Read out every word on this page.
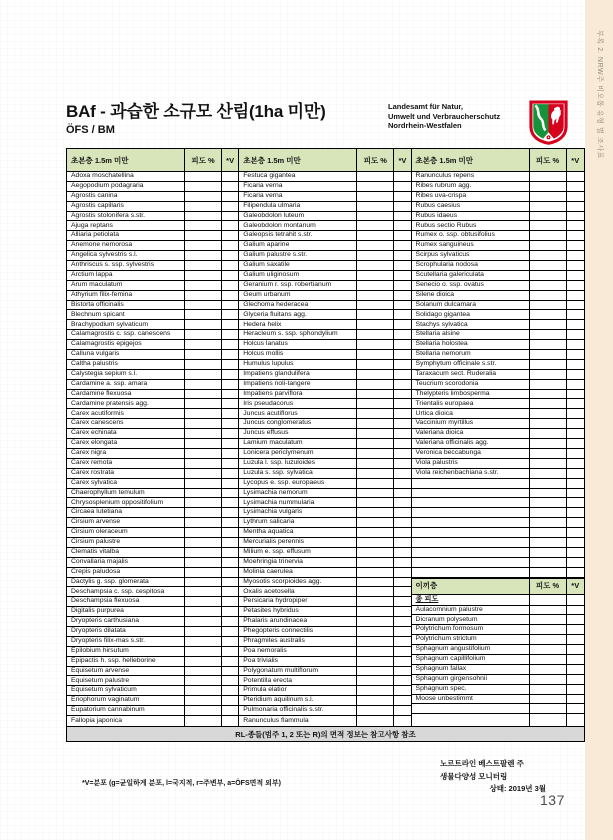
부록 2. NRW주 비오톱 유형 별 조사표
BAf - 과습한 소규모 산림(1ha 미만)
ÖFS / BM
Landesamt für Natur,
Umwelt und Verbraucherschutz
Nordrhein-Westfalen
초본층 1.5m 미만	피도 %	*V
Adoxa moschatellina
Aegopodium podagraria
Agrostis canina
Agrostis capillaris
Agrostis stolonifera s.str.
Ajuga reptans
Alliaria petiolata
Anemone nemorosa
Angelica sylvestris s.l.
Anthriscus s. ssp. sylvestris
Arctium lappa
Arum maculatum
Athyrium filix-femina
Bistorta officinalis
Blechnum spicant
Brachypodium sylvaticum
Calamagrostis c. ssp. canescens
Calamagrostis epigejos
Calluna vulgaris
Caltha palustris
Calystegia sepium s.l.
Cardamine a. ssp. amara
Cardamine flexuosa
Cardamine pratensis agg.
Carex acutiformis
Carex canescens
Carex echinata
Carex elongata
Carex nigra
Carex remota
Carex rostrata
Carex sylvatica
Chaerophyllum temulum
Chrysosplenium oppositifolium
Circaea lutetiana
Cirsium arvense
Cirsium oleraceum
Cirsium palustre
Clematis vitalba
Convallaria majalis
Crepis paludosa
Dactylis g. ssp. glomerata
Deschampsia c. ssp. cespitosa
Deschampsia flexuosa
Digitalis purpurea
Dryopteris carthusiana
Dryopteris dilatata
Dryopteris filix-mas s.str.
Epilobium hirsutum
Epipactis h. ssp. helleborine
Equisetum arvense
Equisetum palustre
Equisetum sylvaticum
Eriophorum vaginatum
Eupatorium cannabinum
Fallopia japonica
초본층 1.5m 미만	피도 %	*V
Festuca gigantea
Ficaria verna
Ficaria verna
Filipendula ulmaria
Galeobdolon luteum
Galeobdolon montanum
Galeopsis tetrahit s.str.
Galium aparine
Galium palustre s.str.
Galium saxatile
Galium uliginosum
Geranium r. ssp. robertianum
Geum urbanum
Glechoma hederacea
Glyceria fluitans agg.
Hedera helix
Heracleum s. ssp. sphondylium
Holcus lanatus
Holcus mollis
Humulus lupulus
Impatiens glandulifera
Impatiens noli-tangere
Impatiens parviflora
Iris pseudacorus
Juncus acutiflorus
Juncus conglomeratus
Juncus effusus
Lamium maculatum
Lonicera periclymenum
Luzula l. ssp. luzuloides
Luzula s. ssp. sylvatica
Lycopus e. ssp. europaeus
Lysimachia nemorum
Lysimachia nummularia
Lysimachia vulgaris
Lythrum salicaria
Mentha aquatica
Mercurialis perennis
Milium e. ssp. effusum
Moehringia trinervia
Molinia caerulea
Myosotis scorpioides agg.
Oxalis acetosella
Persicaria hydropiper
Petasites hybridus
Phalaris arundinacea
Phegopteris connectilis
Phragmites australis
Poa nemoralis
Poa trivialis
Polygonatum multiflorum
Potentilla erecta
Primula elatior
Pteridium aquilinum s.l.
Pulmonaria officinalis s.str.
Ranunculus flammula
초본층 1.5m 미만	피도 %	*V
Ranunculus repens
Ribes rubrum agg.
Ribes uva-crispa
Rubus caesius
Rubus idaeus
Rubus sectio Rubus
Rumex o. ssp. obtusifolius
Rumex sanguineus
Scirpus sylvaticus
Scrophularia nodosa
Scutellaria galericulata
Senecio o. ssp. ovatus
Silene dioica
Solanum dulcamara
Solidago gigantea
Stachys sylvatica
Stellaria alsine
Stellaria holostea
Stellaria nemorum
Symphytum officinale s.str.
Taraxacum sect. Ruderalia
Teucrium scorodonia
Thelypteris limbosperma
Trientalis europaea
Urtica dioica
Vaccinium myrtillus
Valeriana dioica
Valeriana officinalis agg.
Veronica beccabunga
Viola palustris
Viola reichenbachiana s.str.
이끼층	피도 %	*V
총 피도
Aulacomnium palustre
Dicranum polysetum
Polytrichum formosum
Polytrichum strictum
Sphagnum angustifolium
Sphagnum capillifolium
Sphagnum fallax
Sphagnum girgensohnii
Sphagnum spec.
Moose unbestimmt
RL-종들(범주 1, 2 또는 R)의 면적 정보는 참고사항 참조
*V=분포 (g=균일하게 분포, l=국지적, r=주변부, a=ÖFS면적 외부)
노르트라인 베스트팔렌 주
생물다양성 모니터링
상태: 2019년 3월
137
